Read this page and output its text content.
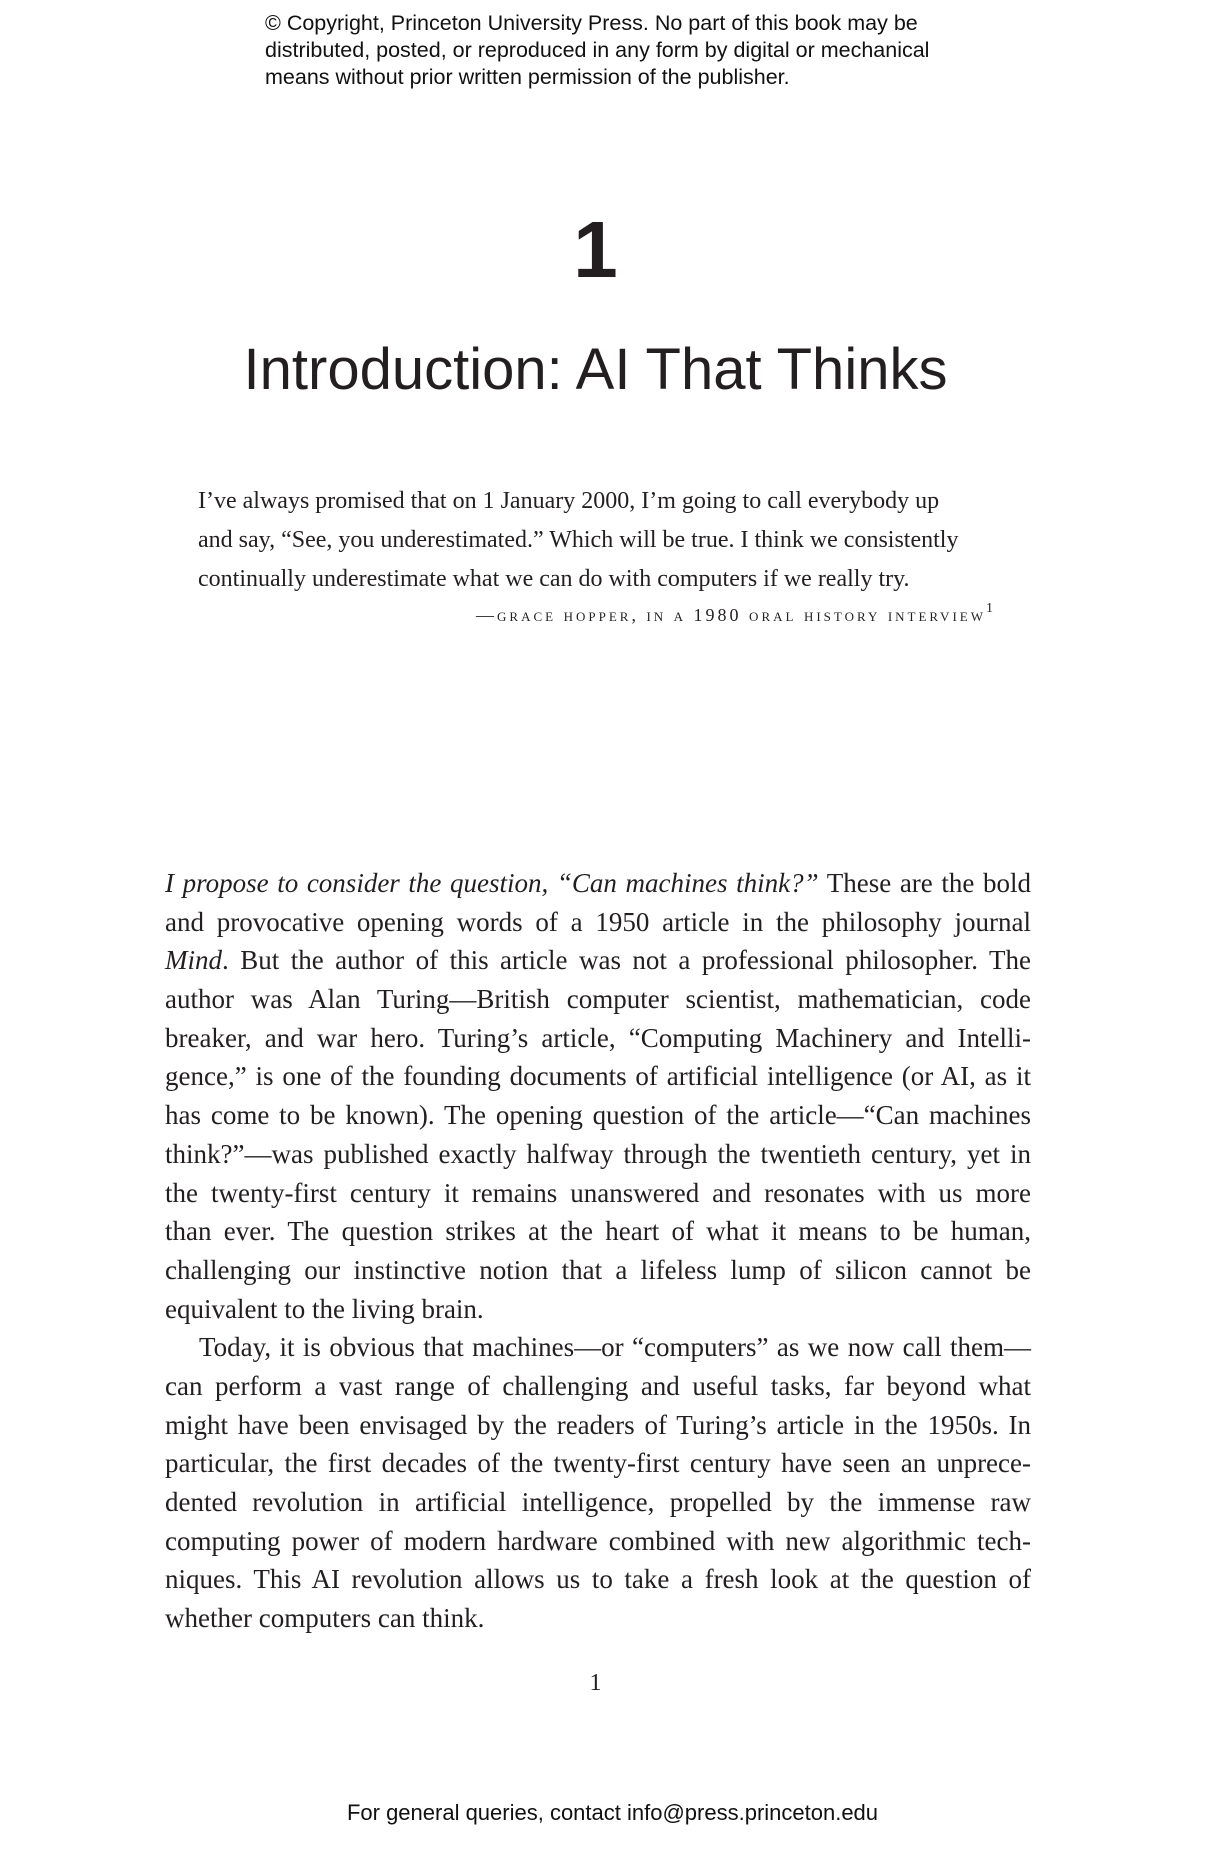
© Copyright, Princeton University Press. No part of this book may be
distributed, posted, or reproduced in any form by digital or mechanical
means without prior written permission of the publisher.
1
Introduction: AI That Thinks
I’ve always promised that on 1 January 2000, I’m going to call everybody up
and say, “See, you underestimated.” Which will be true. I think we consistently
continually underestimate what we can do with computers if we really try.
—grace hopper, in a 1980 oral history interview$^1$
I propose to consider the question, “Can machines think?” These are the bold
and provocative opening words of a 1950 article in the philosophy journal
Mind. But the author of this article was not a professional philosopher. The
author was Alan Turing—British computer scientist, mathematician, code
breaker, and war hero. Turing’s article, “Computing Machinery and Intelli-
gence,” is one of the founding documents of artificial intelligence (or AI, as it
has come to be known). The opening question of the article—“Can machines
think?”—was published exactly halfway through the twentieth century, yet in
the twenty-first century it remains unanswered and resonates with us more
than ever. The question strikes at the heart of what it means to be human,
challenging our instinctive notion that a lifeless lump of silicon cannot be
equivalent to the living brain.
Today, it is obvious that machines—or “computers” as we now call them—
can perform a vast range of challenging and useful tasks, far beyond what
might have been envisaged by the readers of Turing’s article in the 1950s. In
particular, the first decades of the twenty-first century have seen an unprece-
dented revolution in artificial intelligence, propelled by the immense raw
computing power of modern hardware combined with new algorithmic tech-
niques. This AI revolution allows us to take a fresh look at the question of
whether computers can think.
1
For general queries, contact info@press.princeton.edu
